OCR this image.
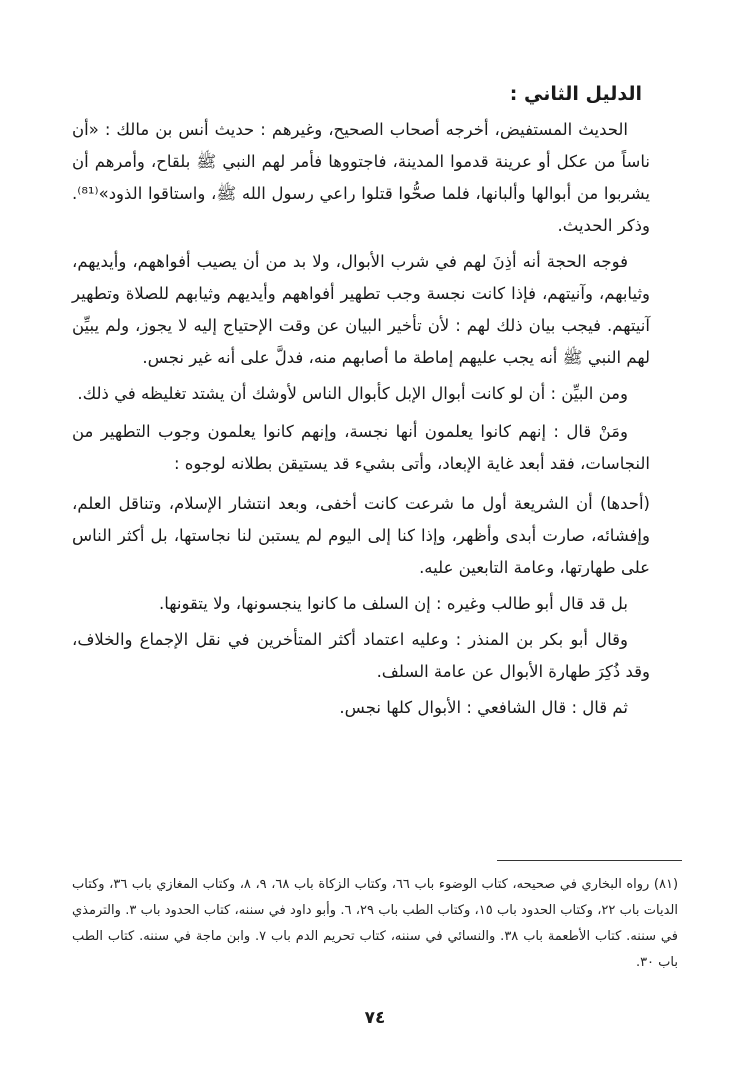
الدليل الثاني :

الحديث المستفيض، أخرجه أصحاب الصحيح، وغيرهم : حديث أنس بن مالك : «أن ناساً من عكل أو عرينة قدموا المدينة، فاجتووها فأمر لهم النبي ﷺ بلقاح، وأمرهم أن يشربوا من أبوالها وألبانها، فلما صحُّوا قتلوا راعي رسول الله ﷺ، واستاقوا الذود»⁽⁸¹⁾. وذكر الحديث.

فوجه الحجة أنه أذِنَ لهم في شرب الأبوال، ولا بد من أن يصيب أفواههم، وأيديهم، وثيابهم، وآنيتهم، فإذا كانت نجسة وجب تطهير أفواههم وأيديهم وثيابهم للصلاة وتطهير آنيتهم. فيجب بيان ذلك لهم : لأن تأخير البيان عن وقت الإحتياج إليه لا يجوز، ولم يبيِّن لهم النبي ﷺ أنه يجب عليهم إماطة ما أصابهم منه، فدلَّ على أنه غير نجس.

ومن البيِّن : أن لو كانت أبوال الإبل كأبوال الناس لأوشك أن يشتد تغليظه في ذلك.

ومَنْ قال : إنهم كانوا يعلمون أنها نجسة، وإنهم كانوا يعلمون وجوب التطهير من النجاسات، فقد أبعد غاية الإبعاد، وأتى بشيء قد يستيقن بطلانه لوجوه :

(أحدها) أن الشريعة أول ما شرعت كانت أخفى، وبعد انتشار الإسلام، وتناقل العلم، وإفشائه، صارت أبدى وأظهر، وإذا كنا إلى اليوم لم يستبن لنا نجاستها، بل أكثر الناس على طهارتها، وعامة التابعين عليه.

بل قد قال أبو طالب وغيره : إن السلف ما كانوا ينجسونها، ولا يتقونها.

وقال أبو بكر بن المنذر : وعليه اعتماد أكثر المتأخرين في نقل الإجماع والخلاف، وقد ذُكِرَ طهارة الأبوال عن عامة السلف.

ثم قال : قال الشافعي : الأبوال كلها نجس.

(٨١) رواه البخاري في صحيحه، كتاب الوضوء باب ٦٦، وكتاب الزكاة باب ٦٨، ٩، ٨، وكتاب المغازي باب ٣٦، وكتاب الديات باب ٢٢، وكتاب الحدود باب ١٥، وكتاب الطب باب ٢٩، ٦. وأبو داود في سننه، كتاب الحدود باب ٣. والترمذي في سننه. كتاب الأطعمة باب ٣٨. والنسائي في سننه، كتاب تحريم الدم باب ٧. وابن ماجة في سننه. كتاب الطب باب ٣٠.
٧٤
